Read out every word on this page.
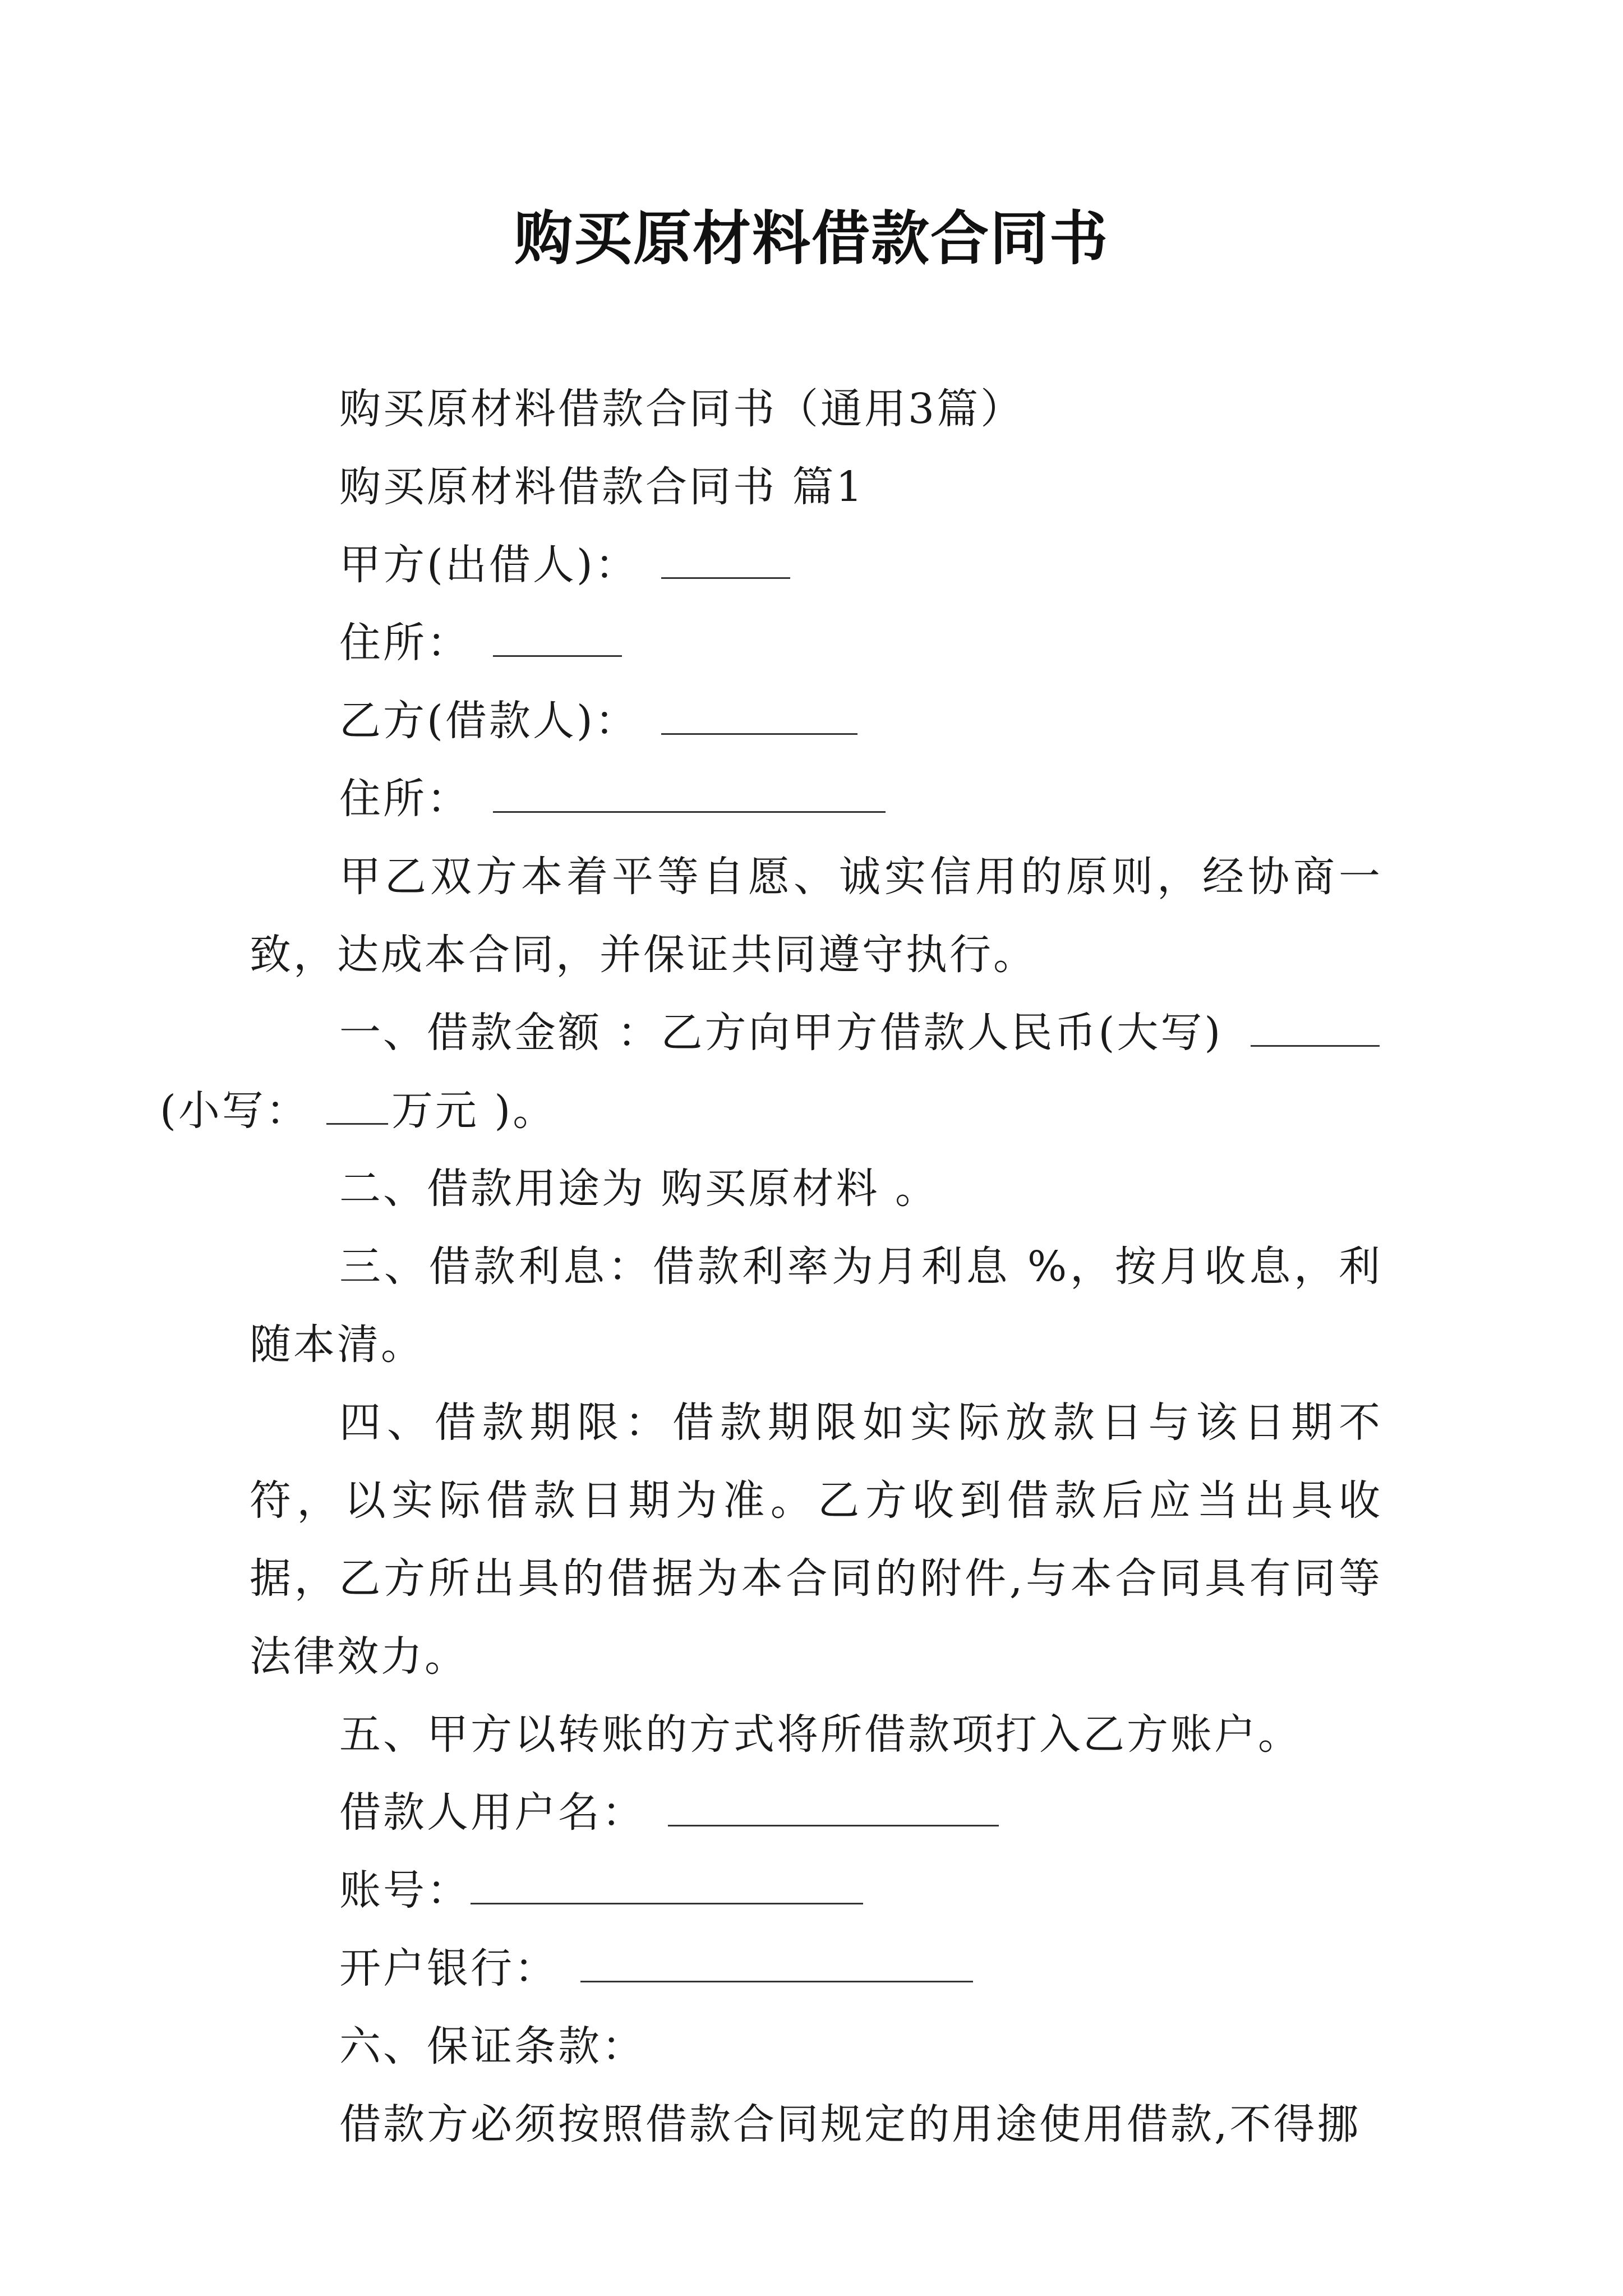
购买原材料借款合同书

购买原材料借款合同书（通用3篇）

购买原材料借款合同书 篇1

甲方(出借人)：

住所：

乙方(借款人)：

住所：

甲乙双方本着平等自愿、诚实信用的原则，经协商一致，达成本合同，并保证共同遵守执行。

一、借款金额 ：乙方向甲方借款人民币(大写)
(小写： 万元 )。

二、借款用途为 购买原材料 。

三、借款利息：借款利率为月利息 %，按月收息，利随本清。

四、借款期限：借款期限如实际放款日与该日期不符，以实际借款日期为准。乙方收到借款后应当出具收据，乙方所出具的借据为本合同的附件,与本合同具有同等法律效力。

五、甲方以转账的方式将所借款项打入乙方账户。

借款人用户名：

账号：

开户银行：

六、保证条款：

借款方必须按照借款合同规定的用途使用借款,不得挪
